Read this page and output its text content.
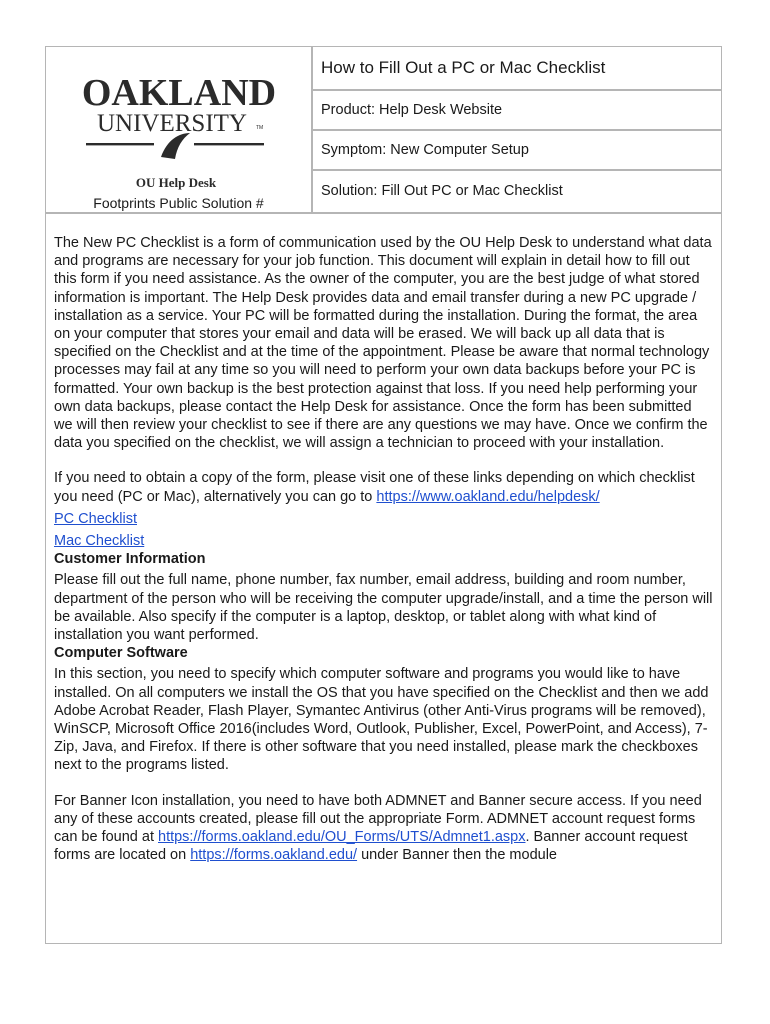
OAKLAND
UNIVERSITY TM
OU Help Desk
Footprints Public Solution #
How to Fill Out a PC or Mac Checklist
Product: Help Desk Website
Symptom: New Computer Setup
Solution: Fill Out PC or Mac Checklist

The New PC Checklist is a form of communication used by the OU Help Desk to understand what data and programs are necessary for your job function. This document will explain in detail how to fill out this form if you need assistance. As the owner of the computer, you are the best judge of what stored information is important. The Help Desk provides data and email transfer during a new PC upgrade / installation as a service. Your PC will be formatted during the installation. During the format, the area on your computer that stores your email and data will be erased. We will back up all data that is specified on the Checklist and at the time of the appointment. Please be aware that normal technology processes may fail at any time so you will need to perform your own data backups before your PC is formatted. Your own backup is the best protection against that loss. If you need help performing your own data backups, please contact the Help Desk for assistance. Once the form has been submitted we will then review your checklist to see if there are any questions we may have. Once we confirm the data you specified on the checklist, we will assign a technician to proceed with your installation.

If you need to obtain a copy of the form, please visit one of these links depending on which checklist you need (PC or Mac), alternatively you can go to https://www.oakland.edu/helpdesk/

PC Checklist
Mac Checklist

Customer Information

Please fill out the full name, phone number, fax number, email address, building and room number, department of the person who will be receiving the computer upgrade/install, and a time the person will be available. Also specify if the computer is a laptop, desktop, or tablet along with what kind of installation you want performed.

Computer Software

In this section, you need to specify which computer software and programs you would like to have installed. On all computers we install the OS that you have specified on the Checklist and then we add Adobe Acrobat Reader, Flash Player, Symantec Antivirus (other Anti-Virus programs will be removed), WinSCP, Microsoft Office 2016(includes Word, Outlook, Publisher, Excel, PowerPoint, and Access), 7-Zip, Java, and Firefox. If there is other software that you need installed, please mark the checkboxes next to the programs listed.

For Banner Icon installation, you need to have both ADMNET and Banner secure access. If you need any of these accounts created, please fill out the appropriate Form. ADMNET account request forms can be found at https://forms.oakland.edu/OU_Forms/UTS/Admnet1.aspx. Banner account request forms are located on https://forms.oakland.edu/ under Banner then the module
